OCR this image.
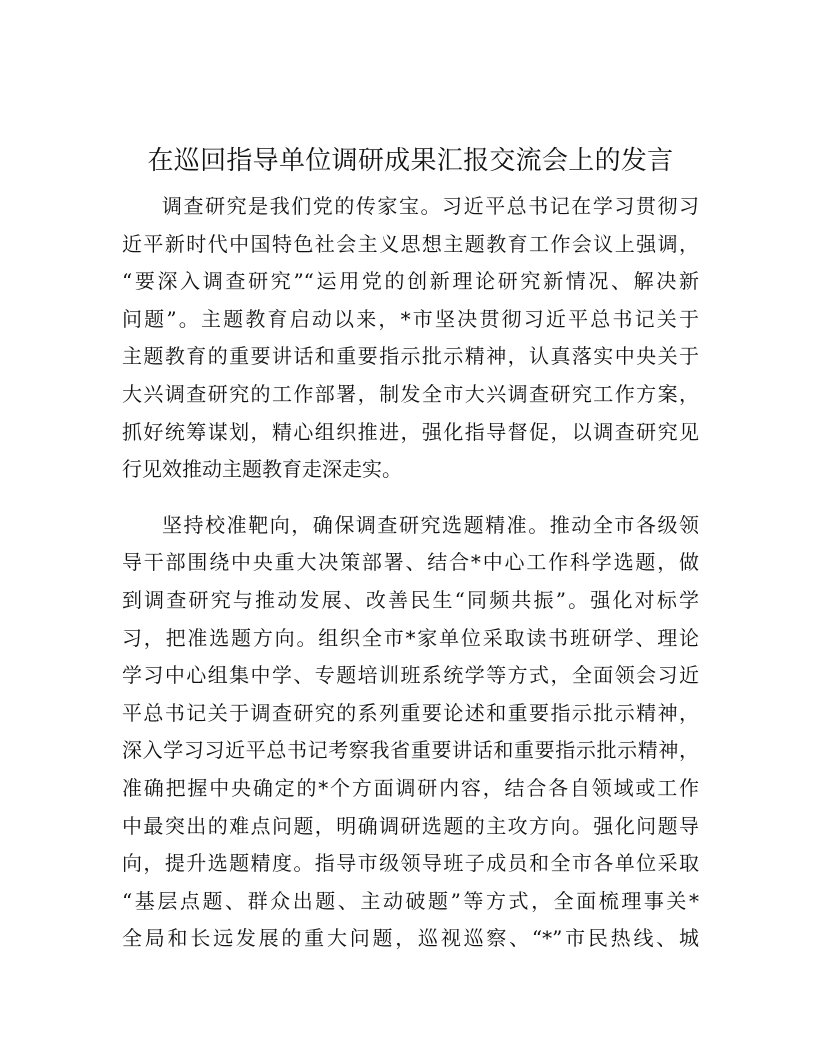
在巡回指导单位调研成果汇报交流会上的发言
调查研究是我们党的传家宝。习近平总书记在学习贯彻习
近平新时代中国特色社会主义思想主题教育工作会议上强调，
“要深入调查研究”“运用党的创新理论研究新情况、解决新
问题”。主题教育启动以来，*市坚决贯彻习近平总书记关于
主题教育的重要讲话和重要指示批示精神，认真落实中央关于
大兴调查研究的工作部署，制发全市大兴调查研究工作方案，
抓好统筹谋划，精心组织推进，强化指导督促，以调查研究见
行见效推动主题教育走深走实。
坚持校准靶向，确保调查研究选题精准。推动全市各级领
导干部围绕中央重大决策部署、结合*中心工作科学选题，做
到调查研究与推动发展、改善民生“同频共振”。强化对标学
习，把准选题方向。组织全市*家单位采取读书班研学、理论
学习中心组集中学、专题培训班系统学等方式，全面领会习近
平总书记关于调查研究的系列重要论述和重要指示批示精神，
深入学习习近平总书记考察我省重要讲话和重要指示批示精神，
准确把握中央确定的*个方面调研内容，结合各自领域或工作
中最突出的难点问题，明确调研选题的主攻方向。强化问题导
向，提升选题精度。指导市级领导班子成员和全市各单位采取
“基层点题、群众出题、主动破题”等方式，全面梳理事关*
全局和长远发展的重大问题，巡视巡察、“*”市民热线、城
